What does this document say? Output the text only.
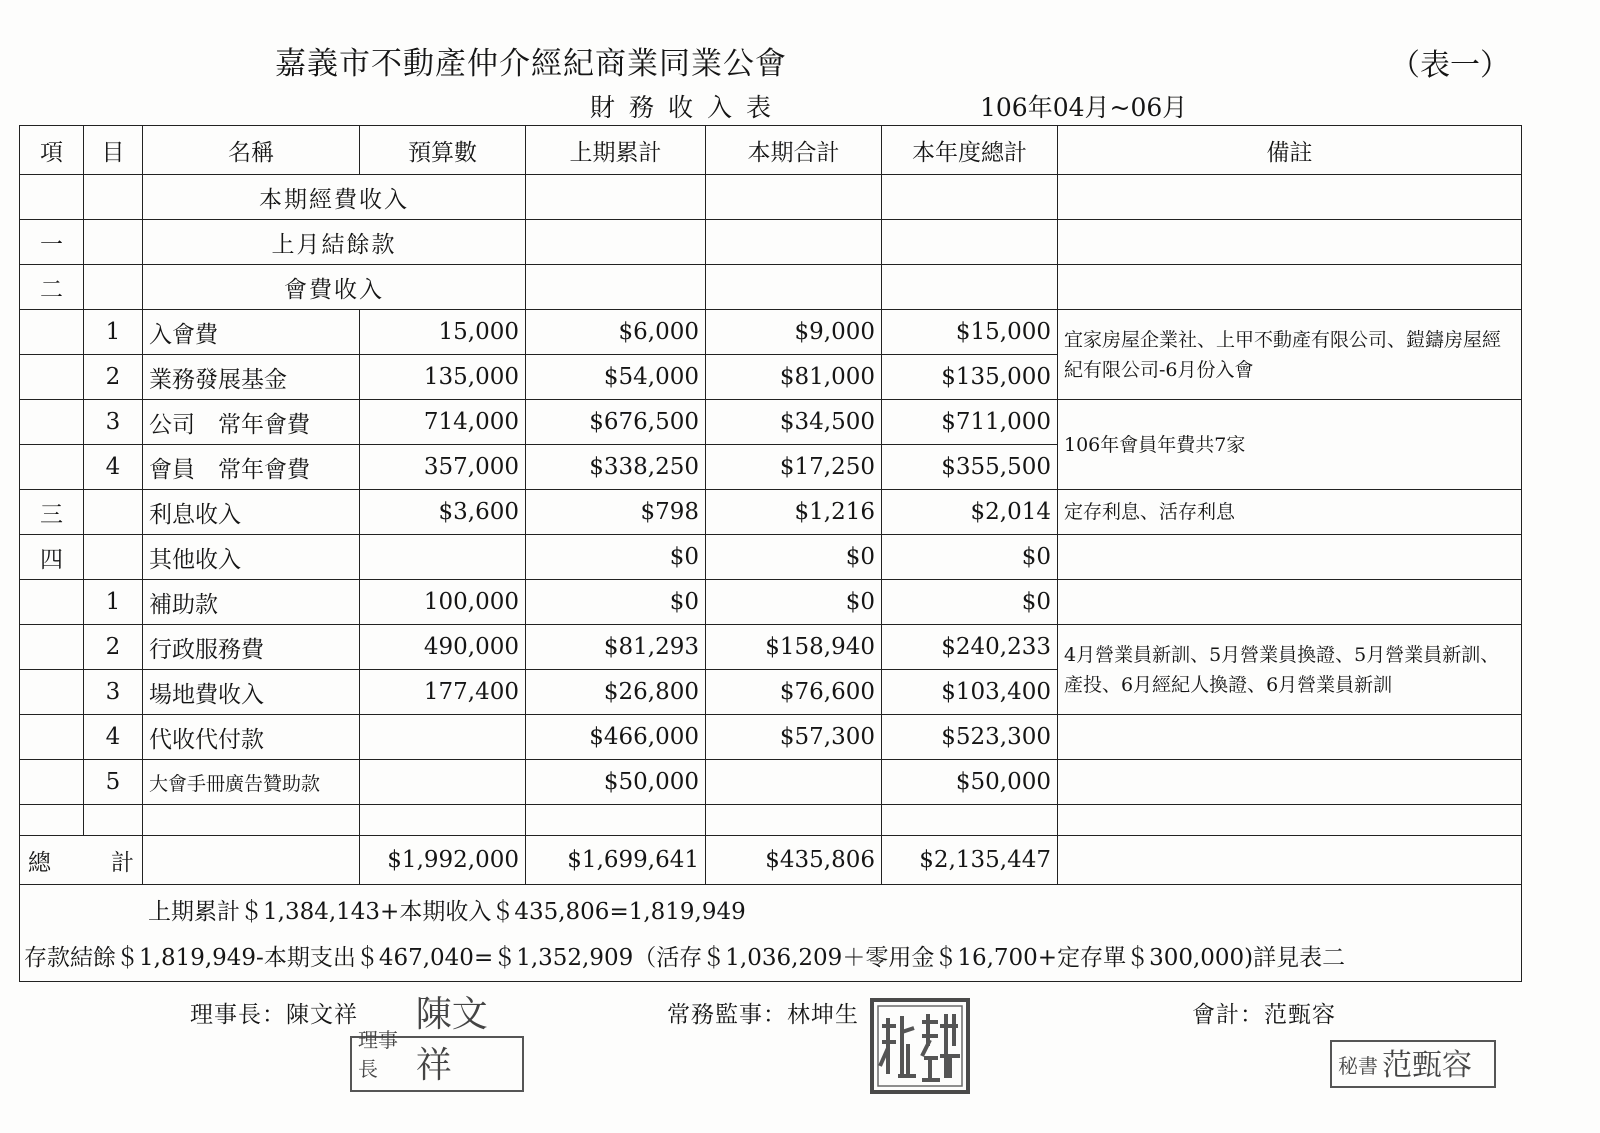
嘉義市不動產仲介經紀商業同業公會	（表一）
財務收入表	106年04月~06月
項	目	名稱	預算數	上期累計	本期合計	本年度總計	備註
		本期經費收入					
一		上月結餘款					
二		會費收入					
	1	入會費	15,000	$6,000	$9,000	$15,000	宜家房屋企業社、上甲不動產有限公司、鎧鑄房屋經紀有限公司-6月份入會
	2	業務發展基金	135,000	$54,000	$81,000	$135,000	
	3	公司　常年會費	714,000	$676,500	$34,500	$711,000	106年會員年費共7家
	4	會員　常年會費	357,000	$338,250	$17,250	$355,500	
三		利息收入	$3,600	$798	$1,216	$2,014	定存利息、活存利息
四		其他收入		$0	$0	$0	
	1	補助款	100,000	$0	$0	$0	
	2	行政服務費	490,000	$81,293	$158,940	$240,233	4月營業員新訓、5月營業員換證、5月營業員新訓、產投、6月經紀人換證、6月營業員新訓
	3	場地費收入	177,400	$26,800	$76,600	$103,400	
	4	代收代付款		$466,000	$57,300	$523,300	
	5	大會手冊廣告贊助款		$50,000		$50,000	

總 計			$1,992,000	$1,699,641	$435,806	$2,135,447	

上期累計＄1,384,143+本期收入＄435,806=1,819,949
存款結餘＄1,819,949-本期支出＄467,040=＄1,352,909（活存＄1,036,209＋零用金＄16,700+定存單＄300,000)詳見表二							
理事長：陳文祥	常務監事：林坤生	會計：范甄容
理事長
陳文祥	秘書 范甄容
